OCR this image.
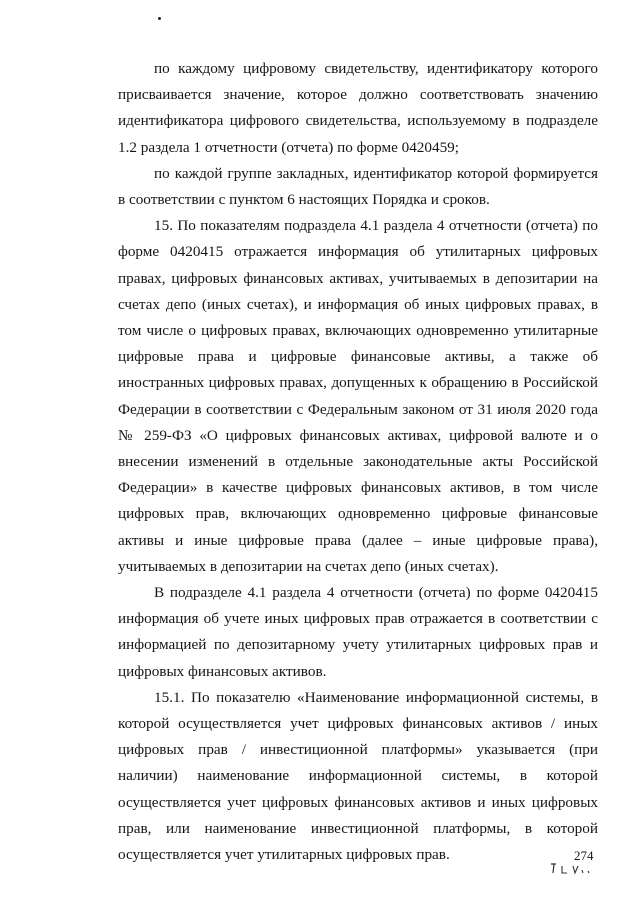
по каждому цифровому свидетельству, идентификатору которого присваивается значение, которое должно соответствовать значению идентификатора цифрового свидетельства, используемому в подразделе 1.2 раздела 1 отчетности (отчета) по форме 0420459;

по каждой группе закладных, идентификатор которой формируется в соответствии с пунктом 6 настоящих Порядка и сроков.

15. По показателям подраздела 4.1 раздела 4 отчетности (отчета) по форме 0420415 отражается информация об утилитарных цифровых правах, цифровых финансовых активах, учитываемых в депозитарии на счетах депо (иных счетах), и информация об иных цифровых правах, в том числе о цифровых правах, включающих одновременно утилитарные цифровые права и цифровые финансовые активы, а также об иностранных цифровых правах, допущенных к обращению в Российской Федерации в соответствии с Федеральным законом от 31 июля 2020 года № 259-ФЗ «О цифровых финансовых активах, цифровой валюте и о внесении изменений в отдельные законодательные акты Российской Федерации» в качестве цифровых финансовых активов, в том числе цифровых прав, включающих одновременно цифровые финансовые активы и иные цифровые права (далее – иные цифровые права), учитываемых в депозитарии на счетах депо (иных счетах).

В подразделе 4.1 раздела 4 отчетности (отчета) по форме 0420415 информация об учете иных цифровых прав отражается в соответствии с информацией по депозитарному учету утилитарных цифровых прав и цифровых финансовых активов.

15.1. По показателю «Наименование информационной системы, в которой осуществляется учет цифровых финансовых активов / иных цифровых прав / инвестиционной платформы» указывается (при наличии) наименование информационной системы, в которой осуществляется учет цифровых финансовых активов и иных цифровых прав, или наименование инвестиционной платформы, в которой осуществляется учет утилитарных цифровых прав.	274
